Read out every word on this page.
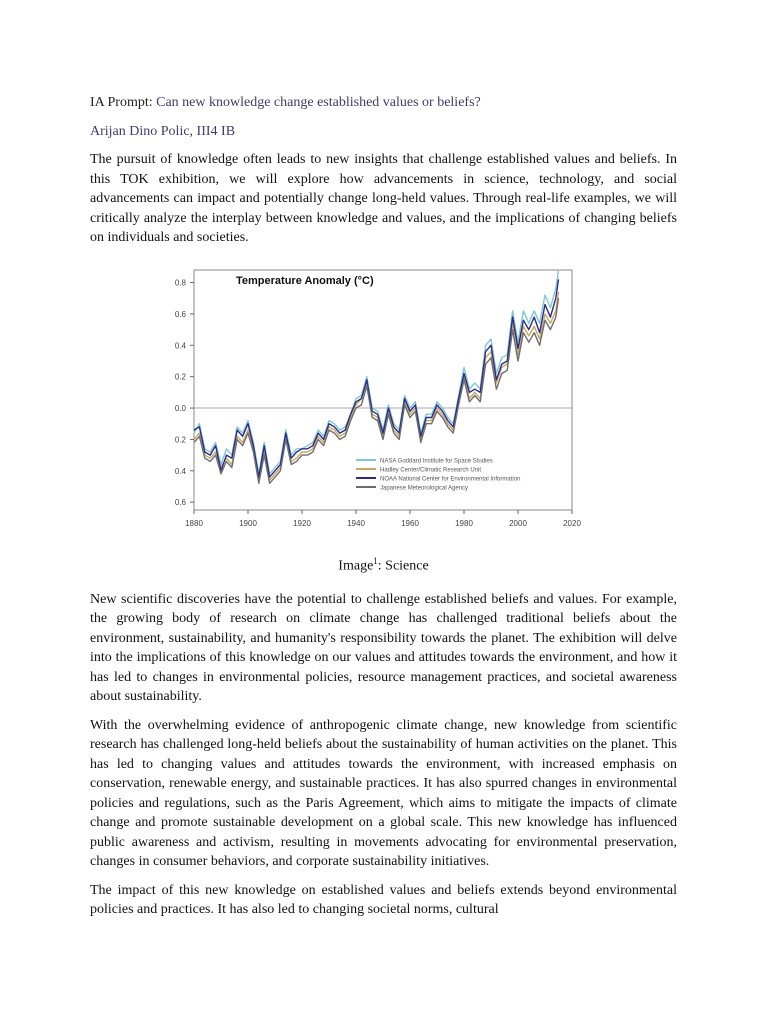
IA Prompt: Can new knowledge change established values or beliefs?

Arijan Dino Polic, III4 IB

The pursuit of knowledge often leads to new insights that challenge established values and beliefs. In this TOK exhibition, we will explore how advancements in science, technology, and social advancements can impact and potentially change long-held values. Through real-life examples, we will critically analyze the interplay between knowledge and values, and the implications of changing beliefs on individuals and societies.

0.8
0.6
0.4
0.2
0.0
0.2
0.4
0.6
1880	1900	1920	1940	1960	1980	2000	2020
NASA Goddard Institute for Space Studies
Hadley Center/Climatic Research Unit
NOAA National Center for Environmental Information
Japanese Meteorological Agency
Temperature Anomaly (°C)

Image$^1$: Science

New scientific discoveries have the potential to challenge established beliefs and values. For example, the growing body of research on climate change has challenged traditional beliefs about the environment, sustainability, and humanity's responsibility towards the planet. The exhibition will delve into the implications of this knowledge on our values and attitudes towards the environment, and how it has led to changes in environmental policies, resource management practices, and societal awareness about sustainability.

With the overwhelming evidence of anthropogenic climate change, new knowledge from scientific research has challenged long-held beliefs about the sustainability of human activities on the planet. This has led to changing values and attitudes towards the environment, with increased emphasis on conservation, renewable energy, and sustainable practices. It has also spurred changes in environmental policies and regulations, such as the Paris Agreement, which aims to mitigate the impacts of climate change and promote sustainable development on a global scale. This new knowledge has influenced public awareness and activism, resulting in movements advocating for environmental preservation, changes in consumer behaviors, and corporate sustainability initiatives.

The impact of this new knowledge on established values and beliefs extends beyond environmental policies and practices. It has also led to changing societal norms, cultural
